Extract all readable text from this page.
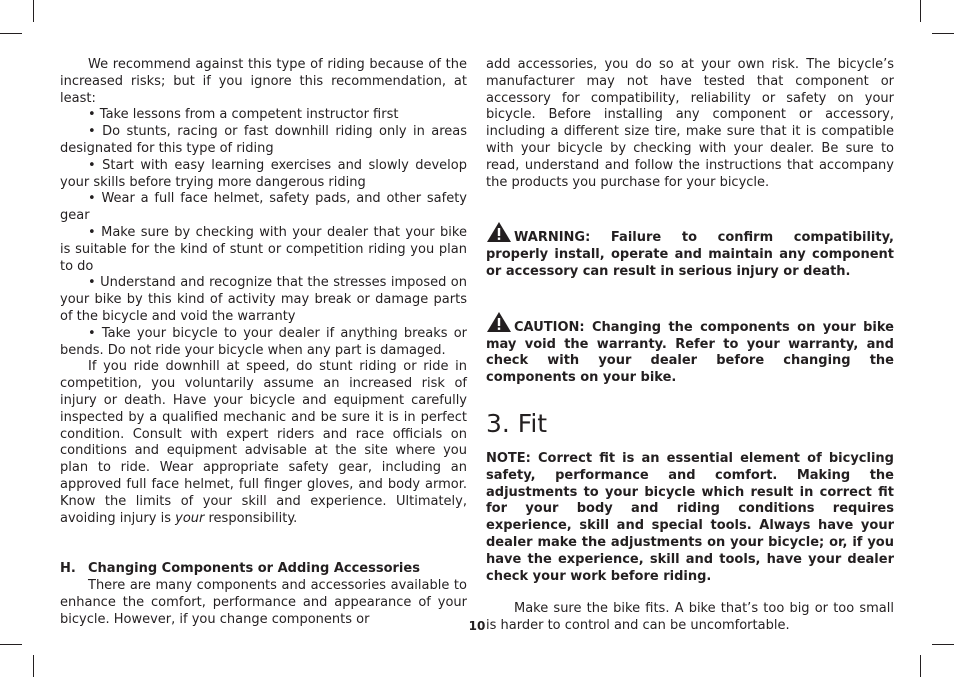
We recommend against this type of riding because of the increased risks; but if you ignore this recommendation, at least:

• Take lessons from a competent instructor first

• Do stunts, racing or fast downhill riding only in areas designated for this type of riding

• Start with easy learning exercises and slowly develop your skills before trying more dangerous riding

• Wear a full face helmet, safety pads, and other safety gear

• Make sure by checking with your dealer that your bike is suitable for the kind of stunt or competition riding you plan to do

• Understand and recognize that the stresses imposed on your bike by this kind of activity may break or damage parts of the bicycle and void the warranty

• Take your bicycle to your dealer if anything breaks or bends. Do not ride your bicycle when any part is damaged.

If you ride downhill at speed, do stunt riding or ride in competition, you voluntarily assume an increased risk of injury or death. Have your bicycle and equipment carefully inspected by a qualified mechanic and be sure it is in perfect condition. Consult with expert riders and race officials on conditions and equipment advisable at the site where you plan to ride. Wear appropriate safety gear, including an approved full face helmet, full finger gloves, and body armor. Know the limits of your skill and experience. Ultimately, avoiding injury is your responsibility.

H. Changing Components or Adding Accessories

There are many components and accessories available to enhance the comfort, performance and appearance of your bicycle. However, if you change components or

add accessories, you do so at your own risk. The bicycle’s manufacturer may not have tested that component or accessory for compatibility, reliability or safety on your bicycle. Before installing any component or accessory, including a different size tire, make sure that it is compatible with your bicycle by checking with your dealer. Be sure to read, understand and follow the instructions that accompany the products you purchase for your bicycle.

WARNING: Failure to confirm compatibility, properly install, operate and maintain any component or accessory can result in serious injury or death.

CAUTION: Changing the components on your bike may void the warranty. Refer to your warranty, and check with your dealer before changing the components on your bike.

3. Fit

NOTE: Correct fit is an essential element of bicycling safety, performance and comfort. Making the adjustments to your bicycle which result in correct fit for your body and riding conditions requires experience, skill and special tools. Always have your dealer make the adjustments on your bicycle; or, if you have the experience, skill and tools, have your dealer check your work before riding.

Make sure the bike fits. A bike that’s too big or too small is harder to control and can be uncomfortable.

10
